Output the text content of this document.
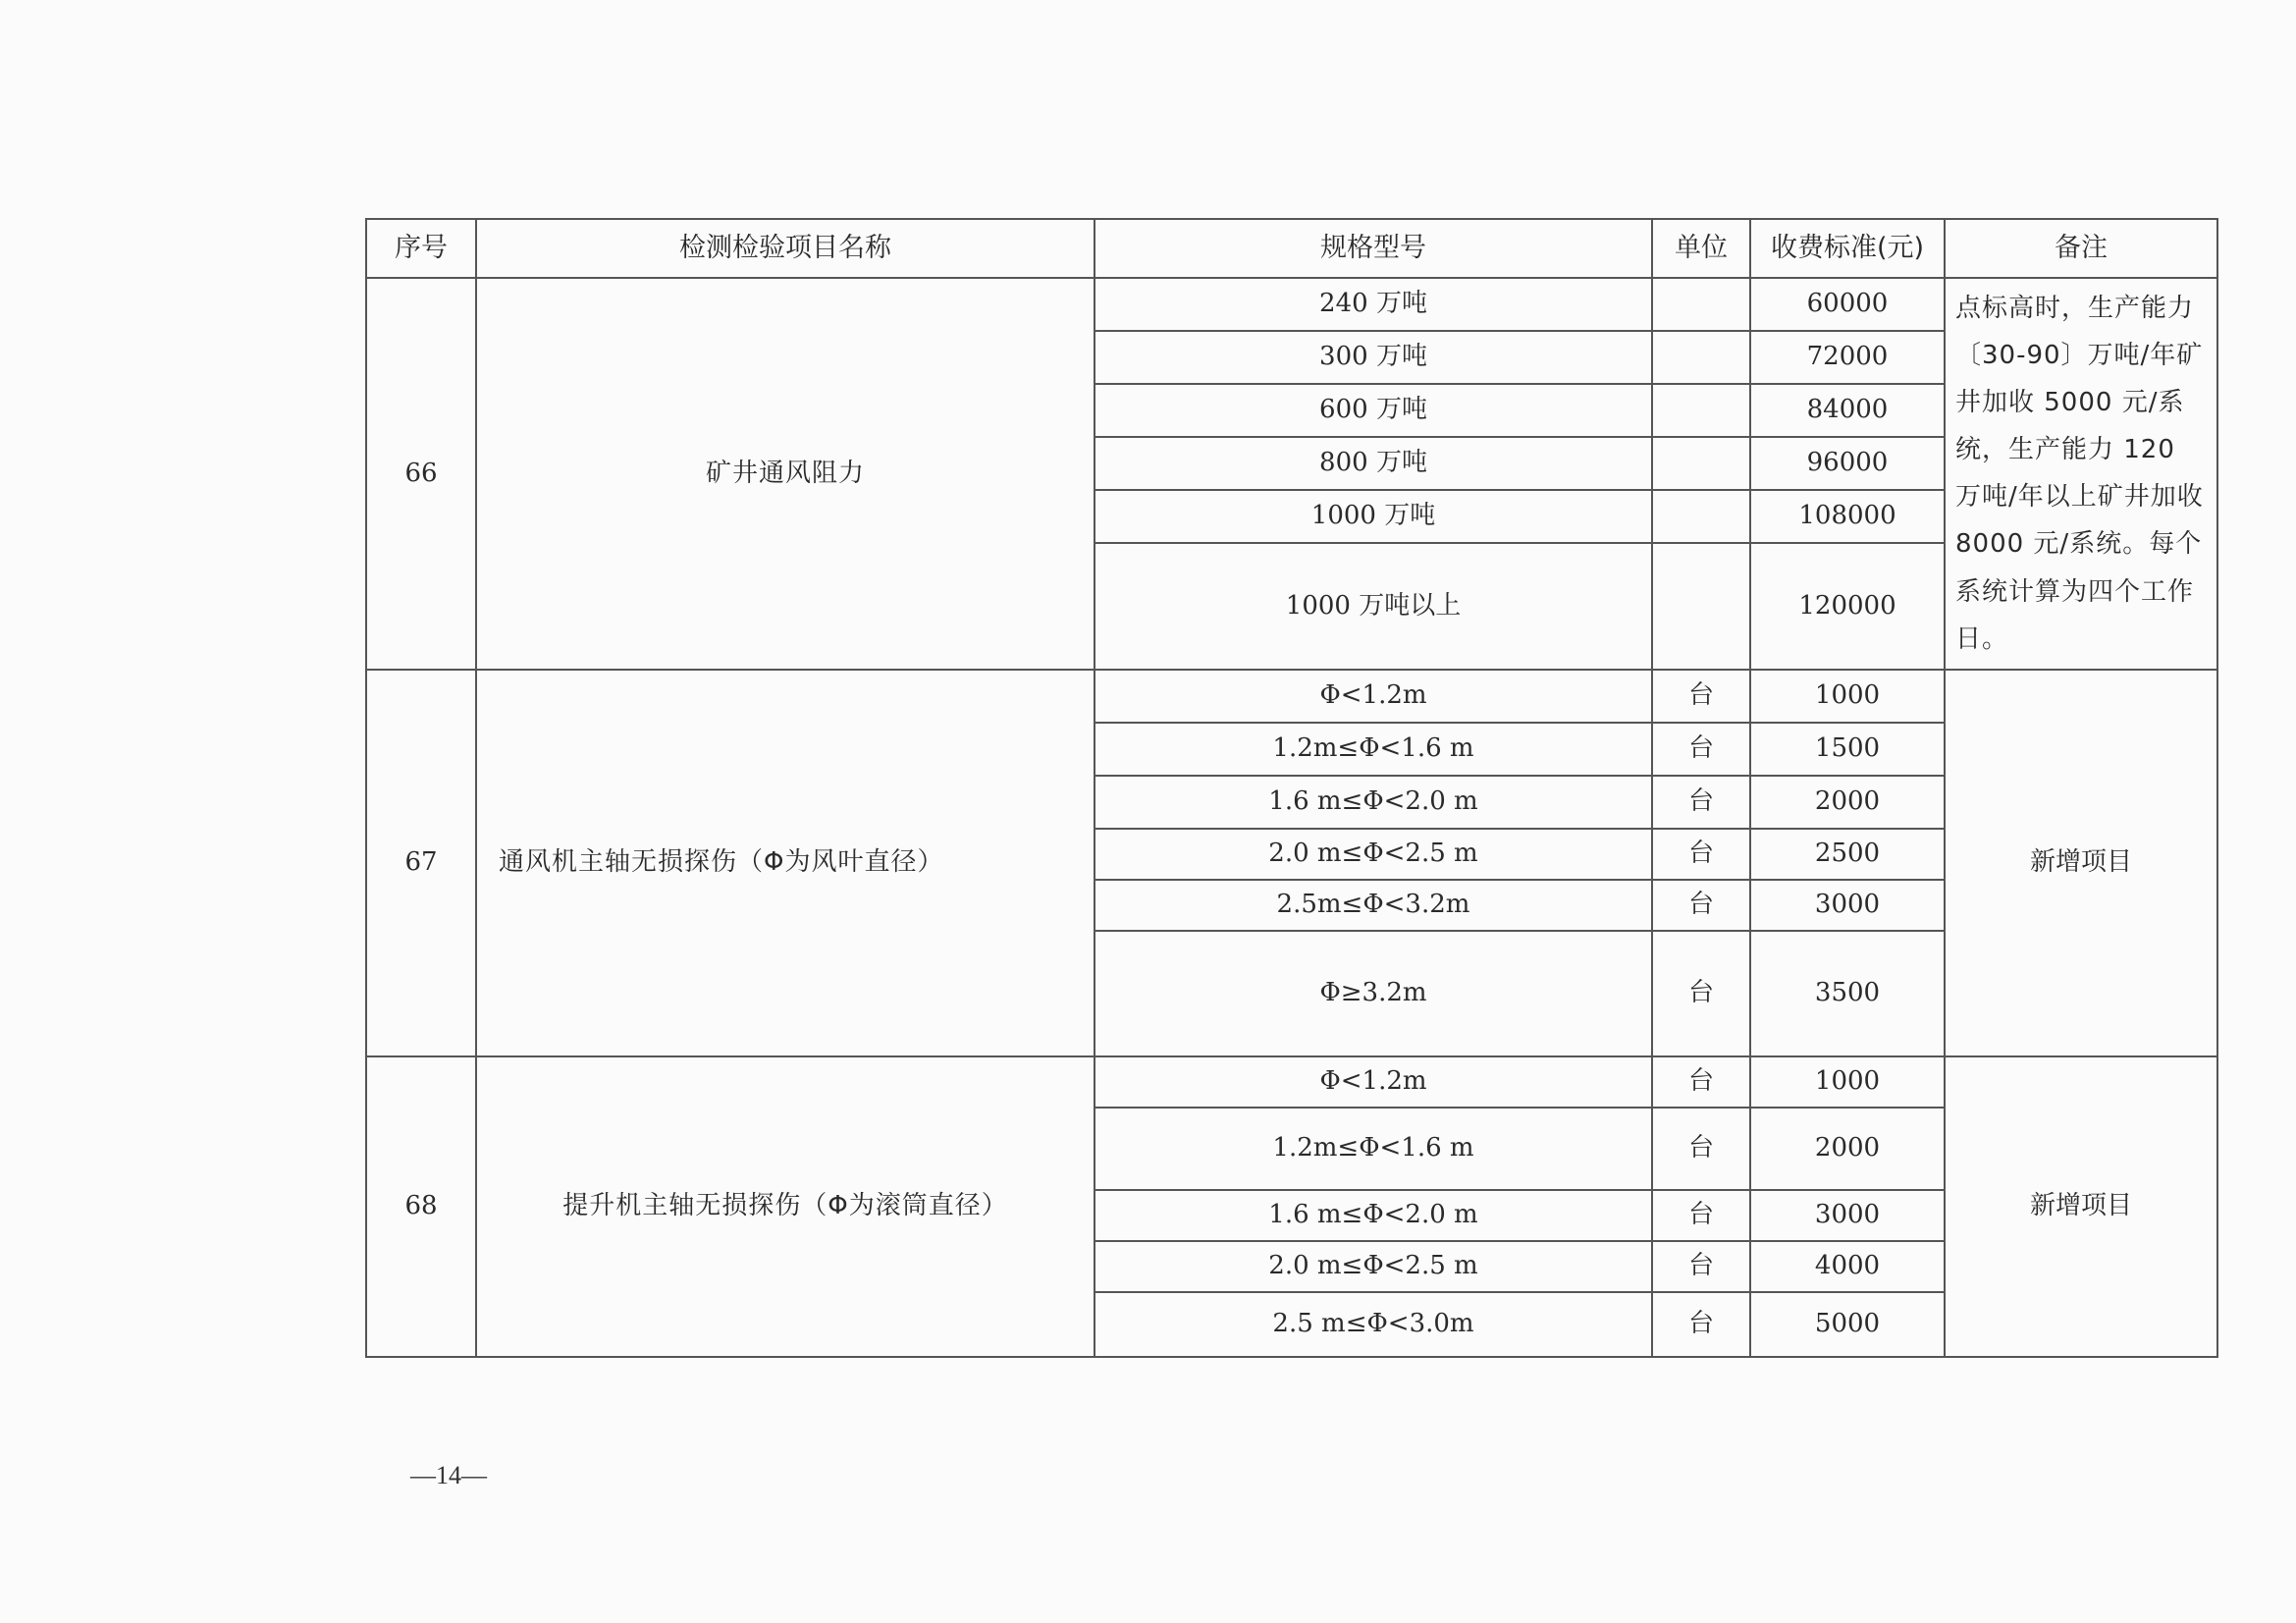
序号	检测检验项目名称	规格型号	单位	收费标准(元)	备注
66	矿井通风阻力	240 万吨		60000	点标高时，生产能力〔30-90〕万吨/年矿井加收 5000 元/系统，生产能力 120 万吨/年以上矿井加收 8000 元/系统。每个系统计算为四个工作日。
		300 万吨		72000	
		600 万吨		84000	
		800 万吨		96000	
		1000 万吨		108000	
		1000 万吨以上		120000	
67	通风机主轴无损探伤（Φ为风叶直径）	Φ<1.2m	台	1000	新增项目
		1.2m≤Φ<1.6 m	台	1500	
		1.6 m≤Φ<2.0 m	台	2000	
		2.0 m≤Φ<2.5 m	台	2500	
		2.5m≤Φ<3.2m	台	3000	
		Φ≥3.2m	台	3500	
68	提升机主轴无损探伤（Φ为滚筒直径）	Φ<1.2m	台	1000	新增项目
		1.2m≤Φ<1.6 m	台	2000	
		1.6 m≤Φ<2.0 m	台	3000	
		2.0 m≤Φ<2.5 m	台	4000	
		2.5 m≤Φ<3.0m	台	5000	
—14—
